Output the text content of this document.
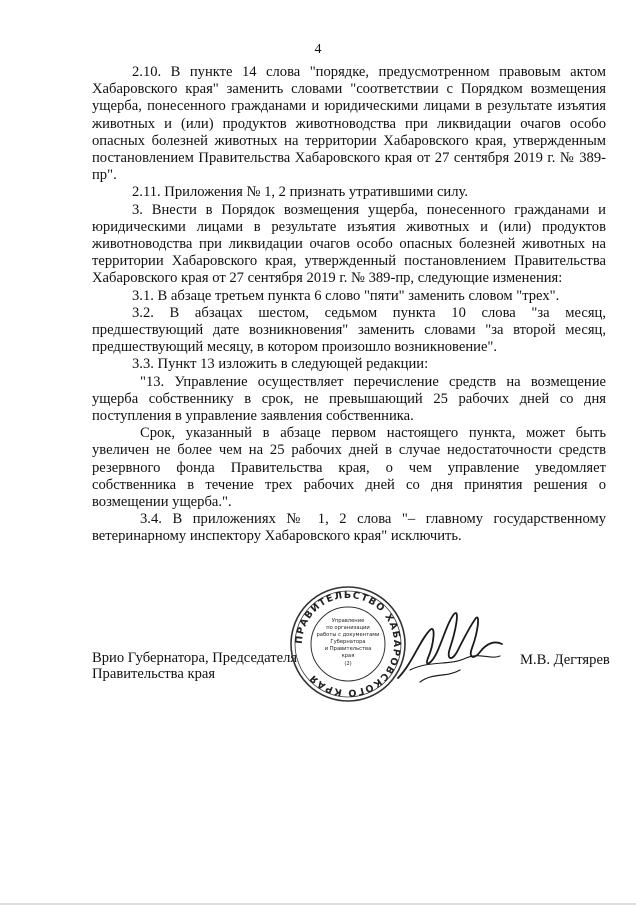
4

2.10. В пункте 14 слова "порядке, предусмотренном правовым актом Хабаровского края" заменить словами "соответствии с Порядком возмещения ущерба, понесенного гражданами и юридическими лицами в результате изъятия животных и (или) продуктов животноводства при ликвидации очагов особо опасных болезней животных на территории Хабаровского края, утвержденным постановлением Правительства Хабаровского края от 27 сентября 2019 г. № 389-пр".

2.11. Приложения № 1, 2 признать утратившими силу.

3. Внести в Порядок возмещения ущерба, понесенного гражданами и юридическими лицами в результате изъятия животных и (или) продуктов животноводства при ликвидации очагов особо опасных болезней животных на территории Хабаровского края, утвержденный постановлением Правительства Хабаровского края от 27 сентября 2019 г. № 389-пр, следующие изменения:

3.1. В абзаце третьем пункта 6 слово "пяти" заменить словом "трех".

3.2. В абзацах шестом, седьмом пункта 10 слова "за месяц, предшествующий дате возникновения" заменить словами "за второй месяц, предшествующий месяцу, в котором произошло возникновение".

3.3. Пункт 13 изложить в следующей редакции:

"13. Управление осуществляет перечисление средств на возмещение ущерба собственнику в срок, не превышающий 25 рабочих дней со дня поступления в управление заявления собственника.

Срок, указанный в абзаце первом настоящего пункта, может быть увеличен не более чем на 25 рабочих дней в случае недостаточности средств резервного фонда Правительства края, о чем управление уведомляет собственника в течение трех рабочих дней со дня принятия решения о возмещении ущерба.".

3.4. В приложениях № 1, 2 слова "– главному государственному ветеринарному инспектору Хабаровского края" исключить.

Врио Губернатора, Председателя
Правительства края
ПРАВИТЕЛЬСТВО ХАБАРОВСКОГО КРАЯ
Управление
по организации
работы с документами
Губернатора
и Правительства
края
(2)	М.В. Дегтярев
